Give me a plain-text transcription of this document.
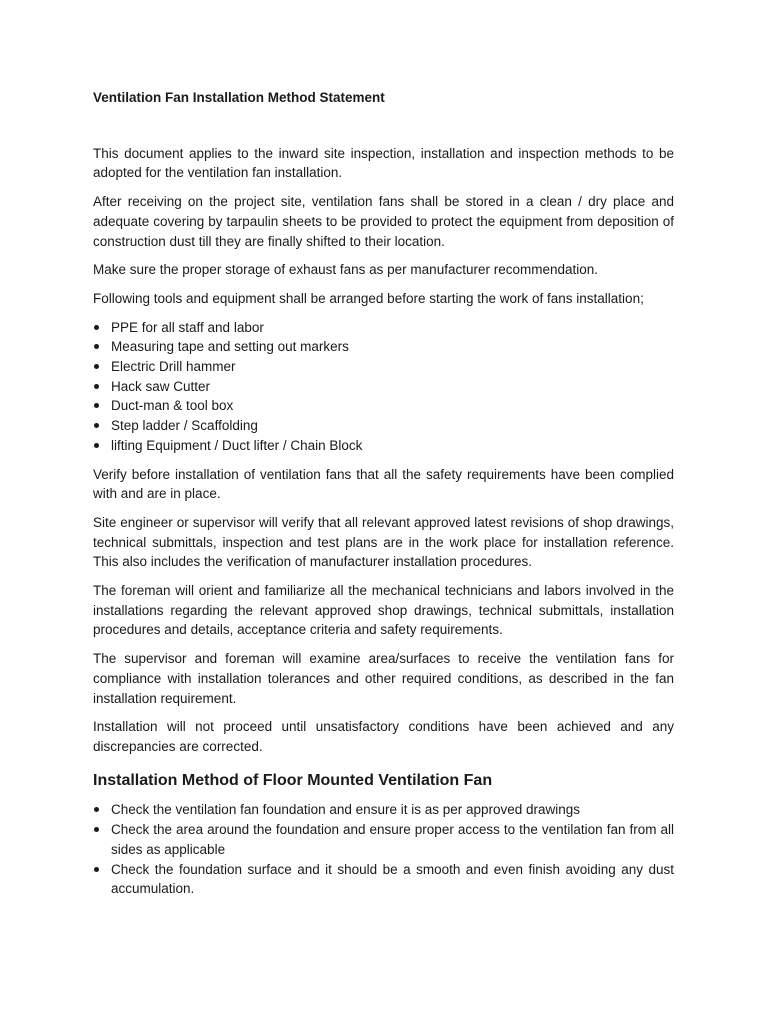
Ventilation Fan Installation Method Statement

This document applies to the inward site inspection, installation and inspection methods to be adopted for the ventilation fan installation.

After receiving on the project site, ventilation fans shall be stored in a clean / dry place and adequate covering by tarpaulin sheets to be provided to protect the equipment from deposition of construction dust till they are finally shifted to their location.

Make sure the proper storage of exhaust fans as per manufacturer recommendation.

Following tools and equipment shall be arranged before starting the work of fans installation;

PPE for all staff and labor
Measuring tape and setting out markers
Electric Drill hammer
Hack saw Cutter
Duct-man & tool box
Step ladder / Scaffolding
lifting Equipment / Duct lifter / Chain Block

Verify before installation of ventilation fans that all the safety requirements have been complied with and are in place.

Site engineer or supervisor will verify that all relevant approved latest revisions of shop drawings, technical submittals, inspection and test plans are in the work place for installation reference. This also includes the verification of manufacturer installation procedures.

The foreman will orient and familiarize all the mechanical technicians and labors involved in the installations regarding the relevant approved shop drawings, technical submittals, installation procedures and details, acceptance criteria and safety requirements.

The supervisor and foreman will examine area/surfaces to receive the ventilation fans for compliance with installation tolerances and other required conditions, as described in the fan installation requirement.

Installation will not proceed until unsatisfactory conditions have been achieved and any discrepancies are corrected.

Installation Method of Floor Mounted Ventilation Fan
Check the ventilation fan foundation and ensure it is as per approved drawings
Check the area around the foundation and ensure proper access to the ventilation fan from all sides as applicable
Check the foundation surface and it should be a smooth and even finish avoiding any dust accumulation.
